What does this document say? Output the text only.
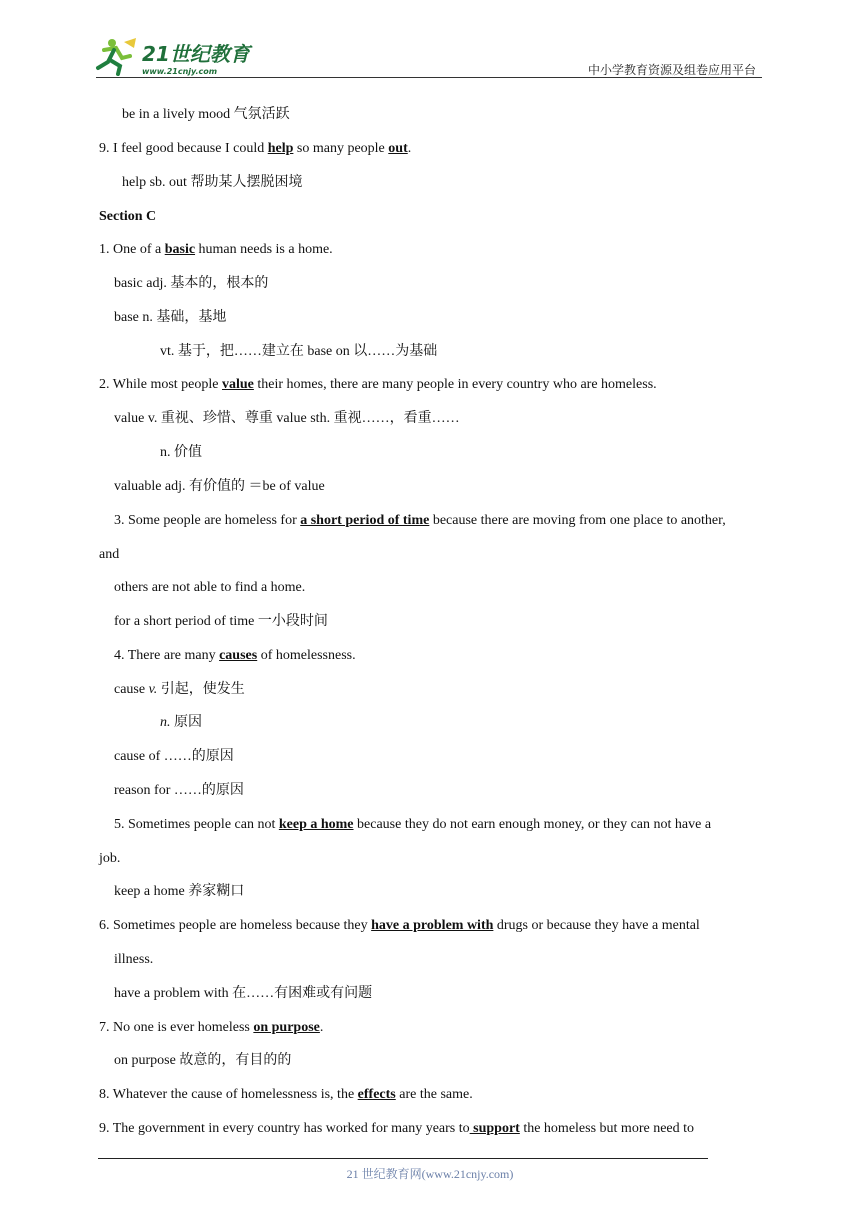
21世纪教育
www.21cnjy.com	中小学教育资源及组卷应用平台
be in a lively mood 气氛活跃
9. I feel good because I could help so many people out.
help sb. out 帮助某人摆脱困境
Section C
1. One of a basic human needs is a home.
basic adj. 基本的，根本的
base n. 基础，基地
vt. 基于，把……建立在 base on 以……为基础
2. While most people value their homes, there are many people in every country who are homeless.
value v. 重视、珍惜、尊重 value sth. 重视……，看重……
n. 价值
valuable adj. 有价值的 ＝be of value
3. Some people are homeless for a short period of time because there are moving from one place to another,
and
others are not able to find a home.
for a short period of time 一小段时间
4. There are many causes of homelessness.
cause v. 引起，使发生
n. 原因
cause of ……的原因
reason for ……的原因
5. Sometimes people can not keep a home because they do not earn enough money, or they can not have a
job.
keep a home 养家糊口
6. Sometimes people are homeless because they have a problem with drugs or because they have a mental
illness.
have a problem with 在……有困难或有问题
7. No one is ever homeless on purpose.
on purpose 故意的，有目的的
8. Whatever the cause of homelessness is, the effects are the same.
9. The government in every country has worked for many years to support the homeless but more need to
21 世纪教育网(www.21cnjy.com)
